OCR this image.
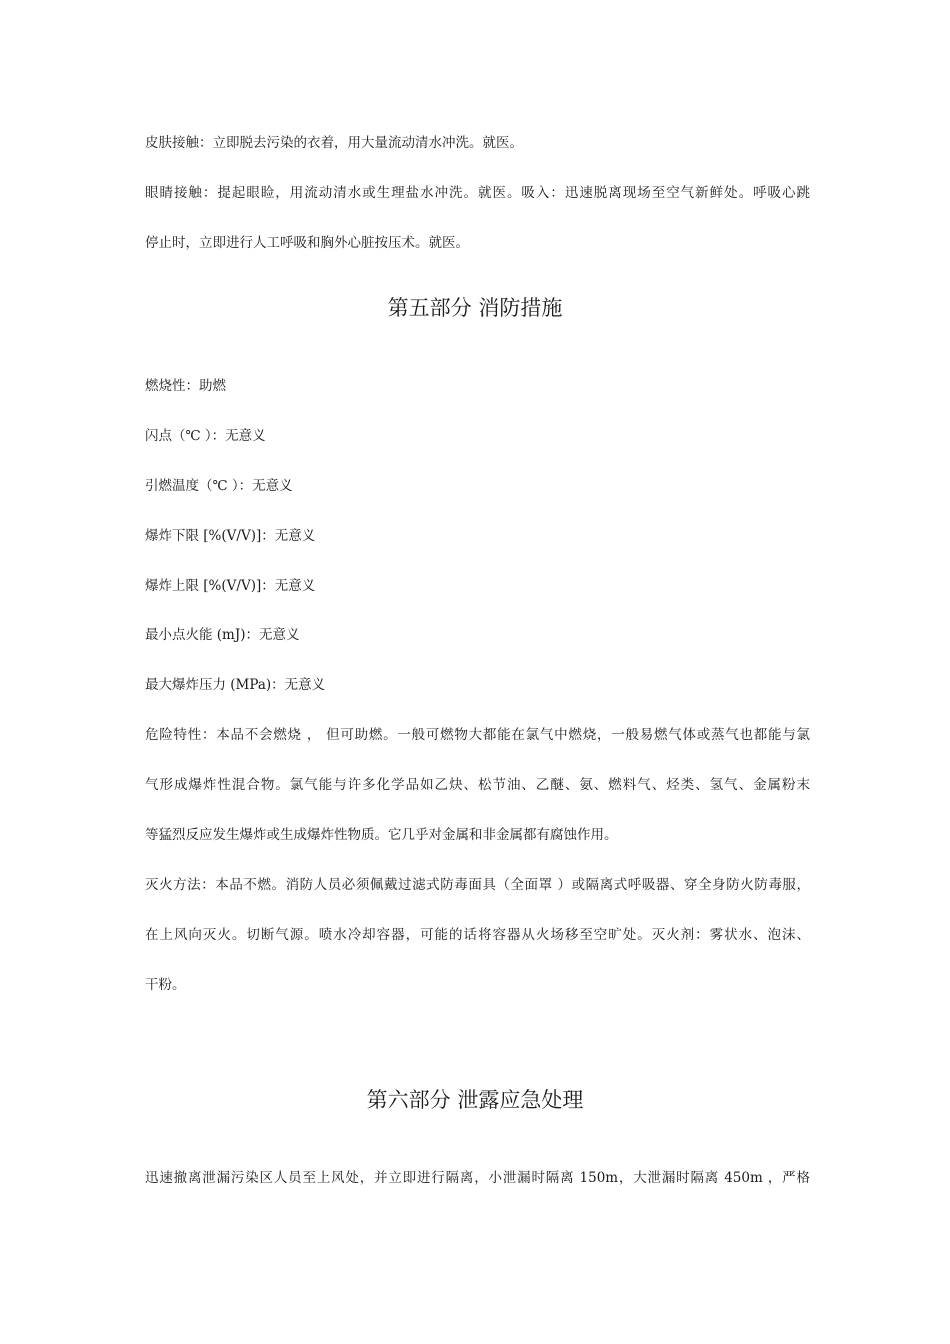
皮肤接触：立即脱去污染的衣着，用大量流动清水冲洗。就医。
眼睛接触：提起眼睑，用流动清水或生理盐水冲洗。就医。吸入：迅速脱离现场至空气新鲜处。呼吸心跳
停止时，立即进行人工呼吸和胸外心脏按压术。就医。
第五部分 消防措施
燃烧性：助燃
闪点（℃ ）：无意义
引燃温度（℃ ）：无意义
爆炸下限 [%(V/V)]：无意义
爆炸上限 [%(V/V)]：无意义
最小点火能 (mJ)：无意义
最大爆炸压力 (MPa)：无意义
危险特性：本品不会燃烧 ， 但可助燃。一般可燃物大都能在氯气中燃烧，一般易燃气体或蒸气也都能与氯
气形成爆炸性混合物。氯气能与许多化学品如乙炔、松节油、乙醚、氨、燃料气、烃类、氢气、金属粉末
等猛烈反应发生爆炸或生成爆炸性物质。它几乎对金属和非金属都有腐蚀作用。
灭火方法：本品不燃。消防人员必须佩戴过滤式防毒面具（全面罩 ）或隔离式呼吸器、穿全身防火防毒服，
在上风向灭火。切断气源。喷水冷却容器，可能的话将容器从火场移至空旷处。灭火剂：雾状水、泡沫、
干粉。
第六部分 泄露应急处理
迅速撤离泄漏污染区人员至上风处，并立即进行隔离，小泄漏时隔离 150m，大泄漏时隔离 450m ，严格
